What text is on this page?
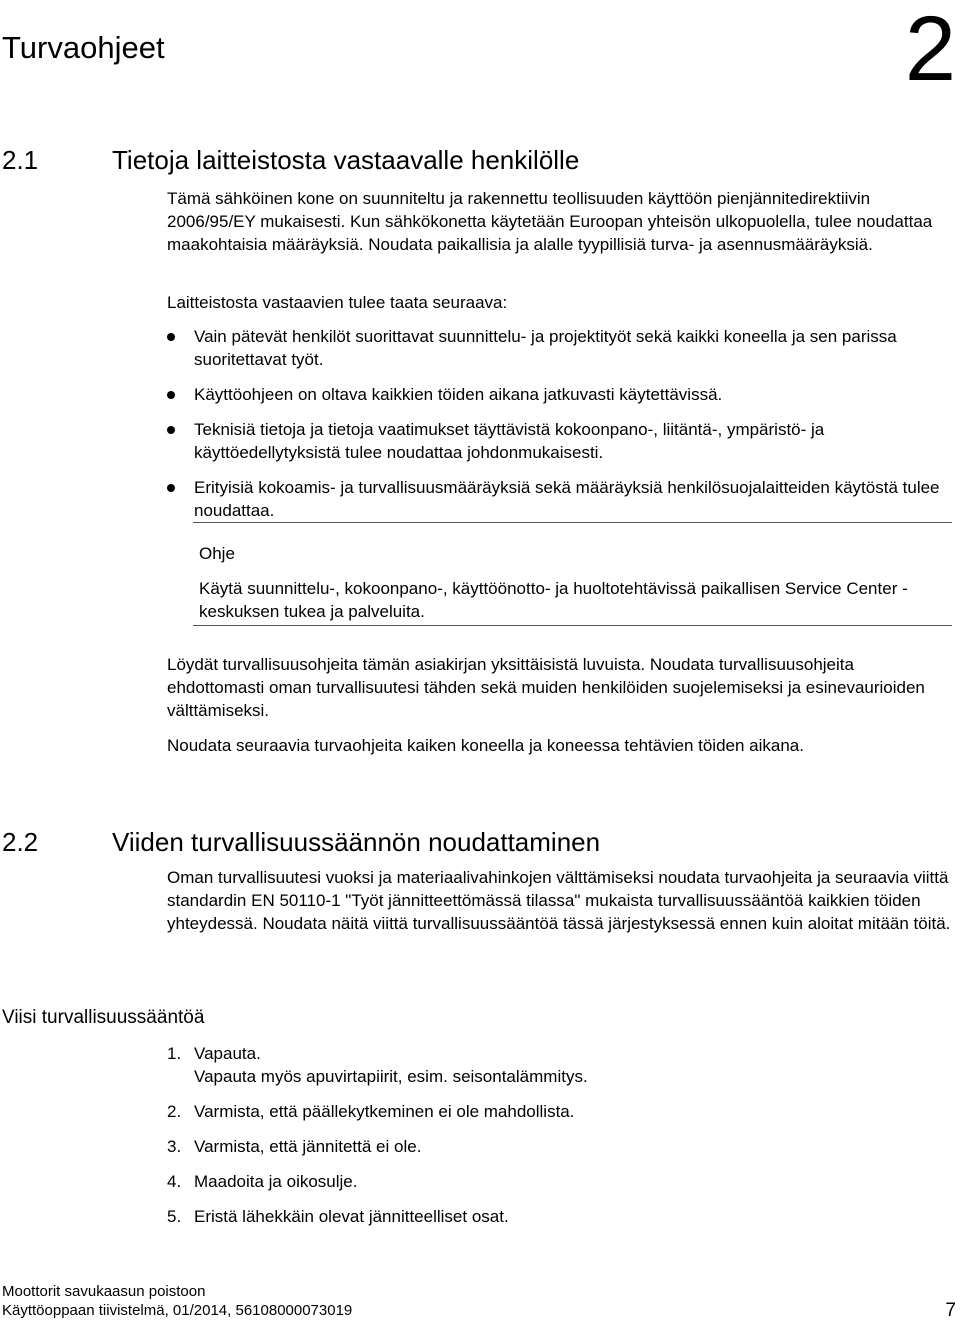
Turvaohjeet	2
2.1	Tietoja laitteistosta vastaavalle henkilölle

Tämä sähköinen kone on suunniteltu ja rakennettu teollisuuden käyttöön pienjännitedirektiivin 2006/95/EY mukaisesti. Kun sähkökonetta käytetään Euroopan yhteisön ulkopuolella, tulee noudattaa maakohtaisia määräyksiä. Noudata paikallisia ja alalle tyypillisiä turva- ja asennusmääräyksiä.

Laitteistosta vastaavien tulee taata seuraava:

Vain pätevät henkilöt suorittavat suunnittelu- ja projektityöt sekä kaikki koneella ja sen parissa suoritettavat työt.
Käyttöohjeen on oltava kaikkien töiden aikana jatkuvasti käytettävissä.
Teknisiä tietoja ja tietoja vaatimukset täyttävistä kokoonpano-, liitäntä-, ympäristö- ja käyttöedellytyksistä tulee noudattaa johdonmukaisesti.
Erityisiä kokoamis- ja turvallisuusmääräyksiä sekä määräyksiä henkilösuojalaitteiden käytöstä tulee noudattaa.
Ohje
Käytä suunnittelu-, kokoonpano-, käyttöönotto- ja huoltotehtävissä paikallisen Service Center -keskuksen tukea ja palveluita.

Löydät turvallisuusohjeita tämän asiakirjan yksittäisistä luvuista. Noudata turvallisuusohjeita ehdottomasti oman turvallisuutesi tähden sekä muiden henkilöiden suojelemiseksi ja esinevaurioiden välttämiseksi.

Noudata seuraavia turvaohjeita kaiken koneella ja koneessa tehtävien töiden aikana.

2.2	Viiden turvallisuussäännön noudattaminen

Oman turvallisuutesi vuoksi ja materiaalivahinkojen välttämiseksi noudata turvaohjeita ja seuraavia viittä standardin EN 50110-1 "Työt jännitteettömässä tilassa" mukaista turvallisuussääntöä kaikkien töiden yhteydessä. Noudata näitä viittä turvallisuussääntöä tässä järjestyksessä ennen kuin aloitat mitään töitä.

Viisi turvallisuussääntöä
1. Vapauta.
Vapauta myös apuvirtapiirit, esim. seisontalämmitys.
2. Varmista, että päällekytkeminen ei ole mahdollista.
3. Varmista, että jännitettä ei ole.
4. Maadoita ja oikosulje.
5. Eristä lähekkäin olevat jännitteelliset osat.
Moottorit savukaasun poistoon
Käyttöoppaan tiivistelmä, 01/2014, 56108000073019	7
